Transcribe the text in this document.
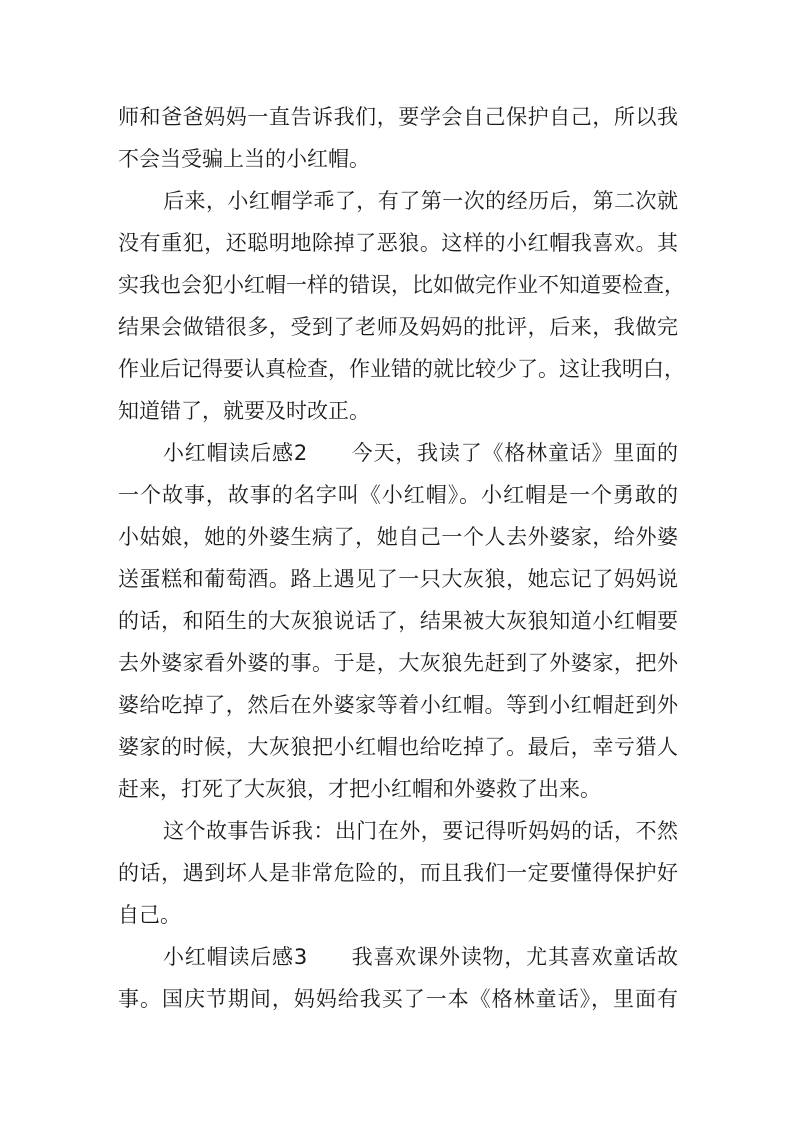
师和爸爸妈妈一直告诉我们，要学会自己保护自己，所以我
不会当受骗上当的小红帽。
后来，小红帽学乖了，有了第一次的经历后，第二次就
没有重犯，还聪明地除掉了恶狼。这样的小红帽我喜欢。其
实我也会犯小红帽一样的错误，比如做完作业不知道要检查，
结果会做错很多，受到了老师及妈妈的批评，后来，我做完
作业后记得要认真检查，作业错的就比较少了。这让我明白，
知道错了，就要及时改正。
小红帽读后感2　　今天，我读了《格林童话》里面的
一个故事，故事的名字叫《小红帽》。小红帽是一个勇敢的
小姑娘，她的外婆生病了，她自己一个人去外婆家，给外婆
送蛋糕和葡萄酒。路上遇见了一只大灰狼，她忘记了妈妈说
的话，和陌生的大灰狼说话了，结果被大灰狼知道小红帽要
去外婆家看外婆的事。于是，大灰狼先赶到了外婆家，把外
婆给吃掉了，然后在外婆家等着小红帽。等到小红帽赶到外
婆家的时候，大灰狼把小红帽也给吃掉了。最后，幸亏猎人
赶来，打死了大灰狼，才把小红帽和外婆救了出来。
这个故事告诉我：出门在外，要记得听妈妈的话，不然
的话，遇到坏人是非常危险的，而且我们一定要懂得保护好
自己。
小红帽读后感3　　我喜欢课外读物，尤其喜欢童话故
事。国庆节期间，妈妈给我买了一本《格林童话》，里面有
